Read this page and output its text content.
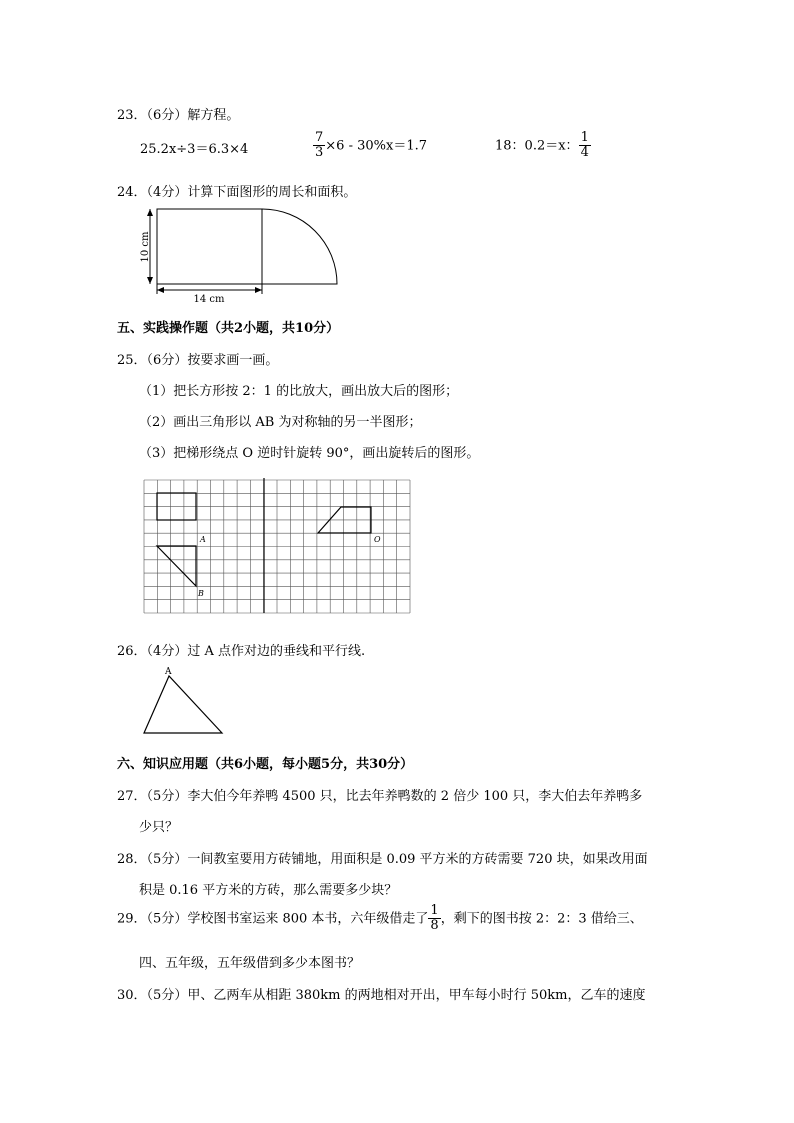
23．（6分）解方程。
25.2x÷3＝6.3×4	$\frac{7}{3} \times 6 - 30\%x=1.7$	18：0.2＝x： $\frac{1}{4}$
24．（4分）计算下面图形的周长和面积。
10 cm
14 cm
五、实践操作题（共2小题，共10分）
25．（6分）按要求画一画。
（1）把长方形按 2：1 的比放大，画出放大后的图形；
（2）画出三角形以 AB 为对称轴的另一半图形；
（3）把梯形绕点 O 逆时针旋转 90°，画出旋转后的图形。
A
B
O
26．（4分）过 A 点作对边的垂线和平行线.
A
六、知识应用题（共6小题，每小题5分，共30分）
27．（5分）李大伯今年养鸭 4500 只，比去年养鸭数的 2 倍少 100 只，李大伯去年养鸭多
少只？
28．（5分）一间教室要用方砖铺地，用面积是 0.09 平方米的方砖需要 720 块，如果改用面
积是 0.16 平方米的方砖，那么需要多少块？
29．（5分）学校图书室运来 800 本书，六年级借走了 $\frac{1}{8}$ ，剩下的图书按 2：2：3 借给三、
四、五年级，五年级借到多少本图书？
30．（5分）甲、乙两车从相距 380km 的两地相对开出，甲车每小时行 50km，乙车的速度
